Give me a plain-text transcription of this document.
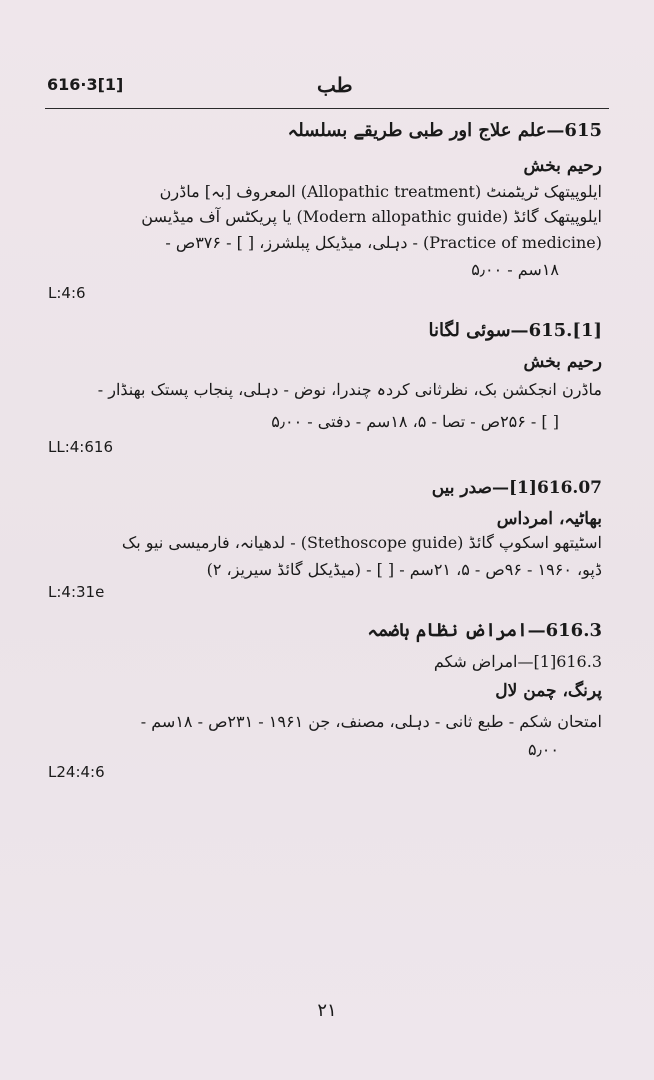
616·3[1]	طب
615—علم علاج اور طبی طریقے بسلسلہ
رحیم بخش
ایلوپیتھک ٹریٹمنٹ (Allopathic treatment) المعروف [بہ] ماڈرن
ایلوپیتھک گائڈ (Modern allopathic guide) یا پریکٹس آف میڈیسن
(Practice of medicine) - دہلی، میڈیکل پبلشرز، [ ] - ۳۷۶ص -
۱۸سم - ۵٫۰۰
L:4:6
[1].615—سوئی لگانا
رحیم بخش
ماڈرن انجکشن بک، نظرثانی کردہ چندرا، نوض - دہلی، پنجاب پستک بھنڈار -
[ ] - ۲۵۶ص - تصا - ۵، ۱۸سم - دفتی - ۵٫۰۰
LL:4:616
616.07[1]—صدر بیں
بھاٹیہ، امرداس
اسٹیتھو اسکوپ گائڈ (Stethoscope guide) - لدھیانہ، فارمیسی نیو بک
ڈپو، ۱۹۶۰ - ۹۶ص - ۵، ۲۱سم - [ ] - (میڈیکل گائڈ سیریز، ۲)
L:4:31e
616.3—امراض نظام ہاضمہ
616.3[1]—امراض شکم
پرنگ، چمن لال
امتحان شکم - طبع ثانی - دہلی، مصنف، جن ۱۹۶۱ - ۲۳۱ص - ۱۸سم -
۵٫۰۰
L24:4:6
۲۱
